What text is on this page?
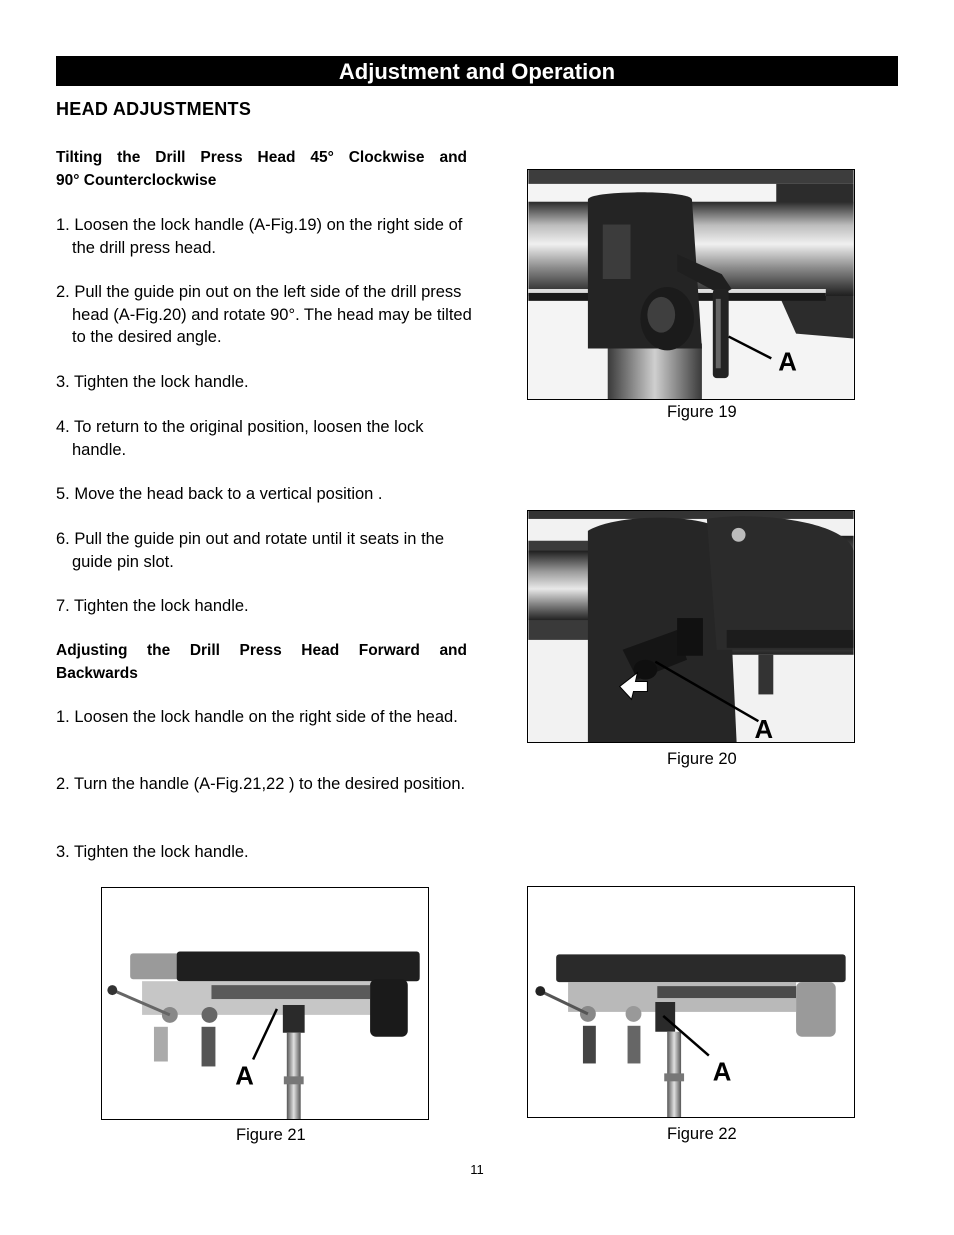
Adjustment and Operation
HEAD ADJUSTMENTS
Tilting the Drill Press Head 45° Clockwise and
90° Counterclockwise
1. Loosen the lock handle (A-Fig.19) on the right side of the drill press head.
2. Pull the guide pin out on the left side of the drill press head (A-Fig.20) and rotate 90°. The head may be tilted to the desired angle.
3. Tighten the lock handle.
4. To return to the original position, loosen the lock handle.
5. Move the head back to a vertical position .
6. Pull the guide pin out and rotate until it seats in the guide pin slot.
7. Tighten the lock handle.
Adjusting the Drill Press Head Forward and
Backwards
1. Loosen the lock handle on the right side of the head.
2. Turn the handle (A-Fig.21,22 ) to the desired position.
3. Tighten the lock handle.
A
Figure 19
A
Figure 20
A
Figure 21
A
Figure 22
11
